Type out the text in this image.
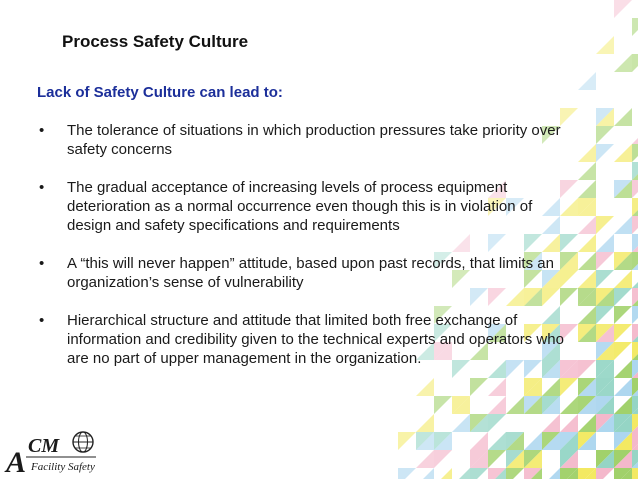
Process Safety Culture

Lack of Safety Culture can lead to:

• The tolerance of situations in which production pressures take priority over safety concerns
• The gradual acceptance of increasing levels of process equipment deterioration as a normal occurrence even though this is in violation of design and safety specifications and requirements
• A “this will never happen” attitude, based upon past records, that limits an organization’s sense of vulnerability
• Hierarchical structure and attitude that limited both free exchange of information and credibility given to the technical experts and operators who are no part of upper management in the organization.
A CM
Facility Safety
